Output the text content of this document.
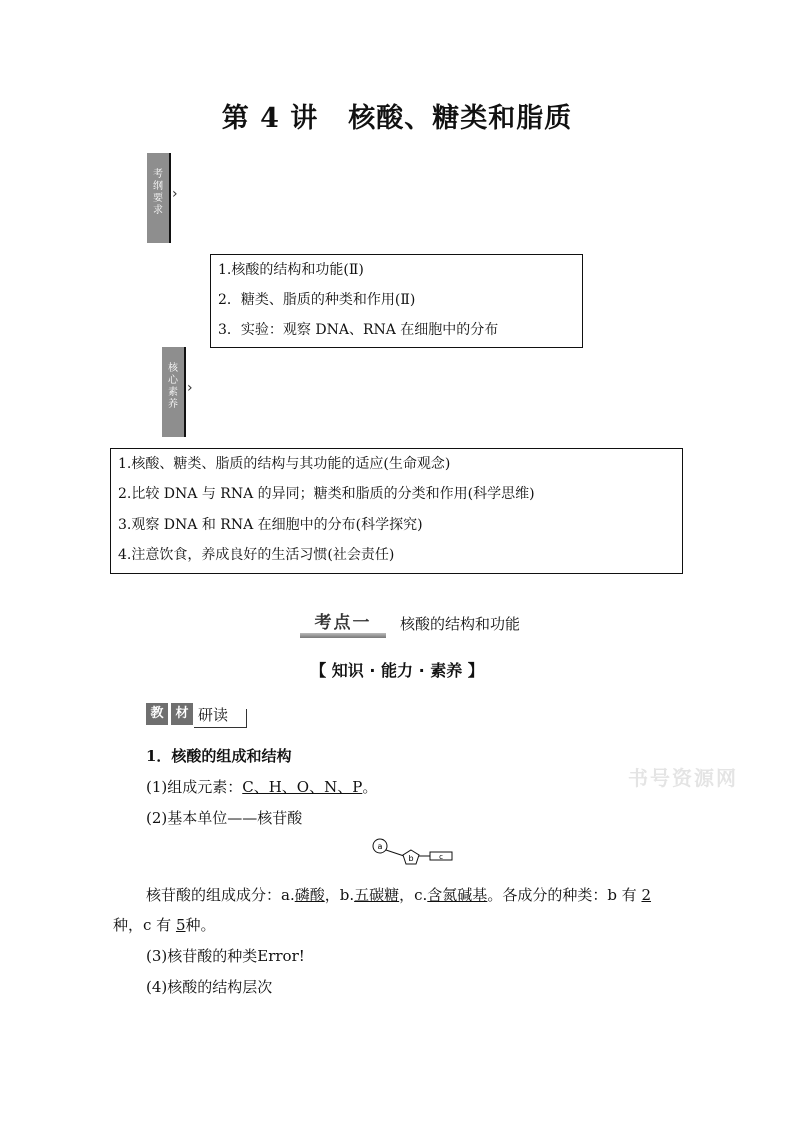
第 4 讲 核酸、糖类和脂质
考
纲
要
求
›
1.核酸的结构和功能(Ⅱ)
2．糖类、脂质的种类和作用(Ⅱ)
3．实验：观察 DNA、RNA 在细胞中的分布
核
心
素
养
›
1.核酸、糖类、脂质的结构与其功能的适应(生命观念)
2.比较 DNA 与 RNA 的异同；糖类和脂质的分类和作用(科学思维)
3.观察 DNA 和 RNA 在细胞中的分布(科学探究)
4.注意饮食，养成良好的生活习惯(社会责任)
考点一	核酸的结构和功能
【 知识 · 能力 · 素养 】
教 材 研读
1．核酸的组成和结构
(1)组成元素：C、H、O、N、P。	书号资源网
(2)基本单位——核苷酸
a
b	c
核苷酸的组成成分：a.磷酸，b.五碳糖，c.含氮碱基。各成分的种类：b 有 2
种，c 有 5种。
(3)核苷酸的种类Error!
(4)核酸的结构层次
